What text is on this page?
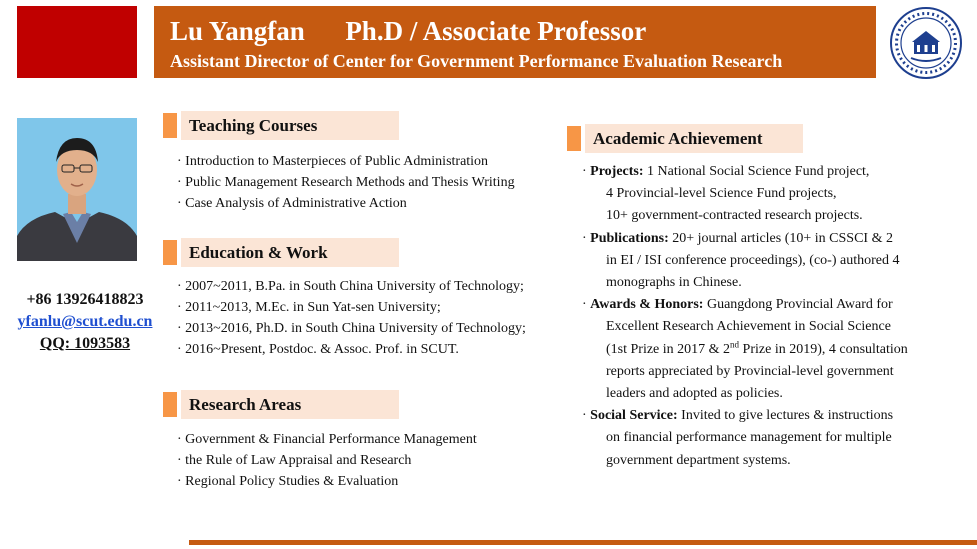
Lu Yangfan Ph.D / Associate Professor
Assistant Director of Center for Government Performance Evaluation Research
+86 13926418823
yfanlu@scut.edu.cn
QQ: 1093583
Teaching Courses
· Introduction to Masterpieces of Public Administration
· Public Management Research Methods and Thesis Writing
· Case Analysis of Administrative Action
Education & Work
· 2007~2011, B.Pa. in South China University of Technology;
· 2011~2013, M.Ec. in Sun Yat-sen University;
· 2013~2016, Ph.D. in South China University of Technology;
· 2016~Present, Postdoc. & Assoc. Prof. in SCUT.
Research Areas
· Government & Financial Performance Management
· the Rule of Law Appraisal and Research
· Regional Policy Studies & Evaluation
Academic Achievement
· Projects: 1 National Social Science Fund project,
4 Provincial-level Science Fund projects,
10+ government-contracted research projects.
· Publications: 20+ journal articles (10+ in CSSCI & 2
in EI / ISI conference proceedings), (co-) authored 4
monographs in Chinese.
· Awards & Honors: Guangdong Provincial Award for
Excellent Research Achievement in Social Science
(1st Prize in 2017 & 2nd Prize in 2019), 4 consultation
reports appreciated by Provincial-level government
leaders and adopted as policies.
· Social Service: Invited to give lectures & instructions
on financial performance management for multiple
government department systems.
